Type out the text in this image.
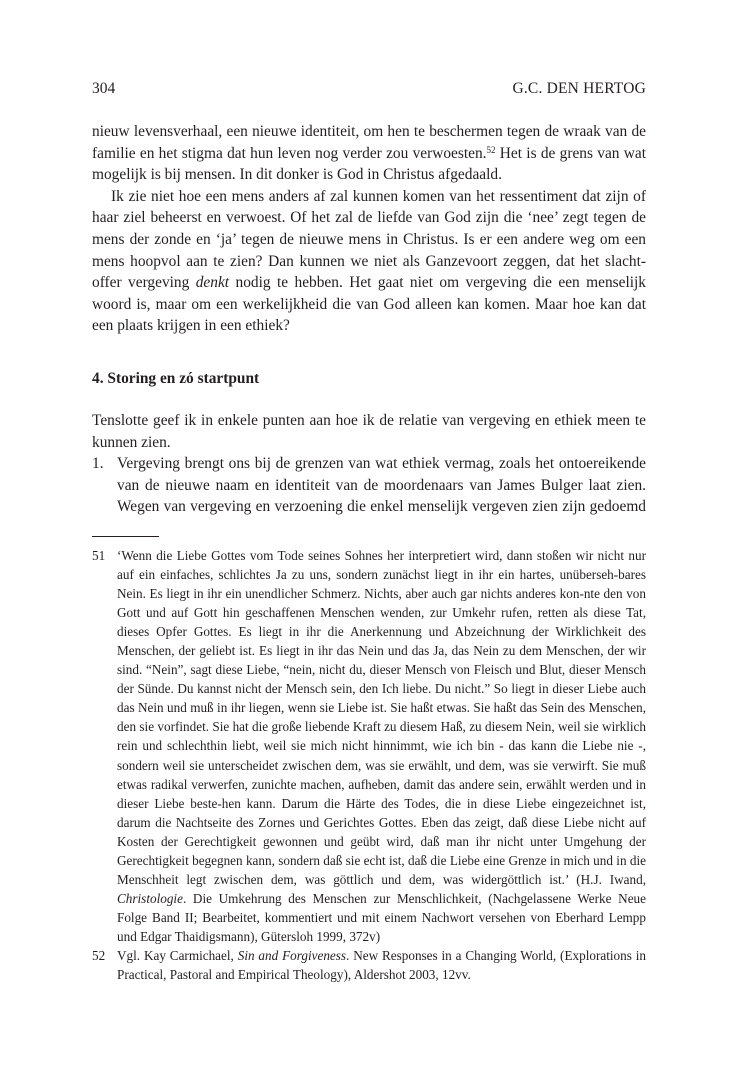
304	G.C. DEN HERTOG

nieuw levensverhaal, een nieuwe identiteit, om hen te beschermen tegen de wraak van de familie en het stigma dat hun leven nog verder zou verwoesten.$^{52}$ Het is de grens van wat mogelijk is bij mensen. In dit donker is God in Christus afgedaald.

Ik zie niet hoe een mens anders af zal kunnen komen van het ressentiment dat zijn of haar ziel beheerst en verwoest. Of het zal de liefde van God zijn die ‘nee’ zegt tegen de mens der zonde en ‘ja’ tegen de nieuwe mens in Christus. Is er een andere weg om een mens hoopvol aan te zien? Dan kunnen we niet als Ganzevoort zeggen, dat het slacht-offer vergeving denkt nodig te hebben. Het gaat niet om vergeving die een menselijk woord is, maar om een werkelijkheid die van God alleen kan komen. Maar hoe kan dat een plaats krijgen in een ethiek?

4. Storing en zó startpunt

Tenslotte geef ik in enkele punten aan hoe ik de relatie van vergeving en ethiek meen te kunnen zien.

1. Vergeving brengt ons bij de grenzen van wat ethiek vermag, zoals het ontoereikende van de nieuwe naam en identiteit van de moordenaars van James Bulger laat zien. Wegen van vergeving en verzoening die enkel menselijk vergeven zien zijn gedoemd

51 ‘Wenn die Liebe Gottes vom Tode seines Sohnes her interpretiert wird, dann stoßen wir nicht nur auf ein einfaches, schlichtes Ja zu uns, sondern zunächst liegt in ihr ein hartes, unüberseh-bares Nein. Es liegt in ihr ein unendlicher Schmerz. Nichts, aber auch gar nichts anderes kon-nte den von Gott und auf Gott hin geschaffenen Menschen wenden, zur Umkehr rufen, retten als diese Tat, dieses Opfer Gottes. Es liegt in ihr die Anerkennung und Abzeichnung der Wirklichkeit des Menschen, der geliebt ist. Es liegt in ihr das Nein und das Ja, das Nein zu dem Menschen, der wir sind. “Nein”, sagt diese Liebe, “nein, nicht du, dieser Mensch von Fleisch und Blut, dieser Mensch der Sünde. Du kannst nicht der Mensch sein, den Ich liebe. Du nicht.” So liegt in dieser Liebe auch das Nein und muß in ihr liegen, wenn sie Liebe ist. Sie haßt etwas. Sie haßt das Sein des Menschen, den sie vorfindet. Sie hat die große liebende Kraft zu diesem Haß, zu diesem Nein, weil sie wirklich rein und schlechthin liebt, weil sie mich nicht hinnimmt, wie ich bin - das kann die Liebe nie -, sondern weil sie unterscheidet zwischen dem, was sie erwählt, und dem, was sie verwirft. Sie muß etwas radikal verwerfen, zunichte machen, aufheben, damit das andere sein, erwählt werden und in dieser Liebe beste-hen kann. Darum die Härte des Todes, die in diese Liebe eingezeichnet ist, darum die Nachtseite des Zornes und Gerichtes Gottes. Eben das zeigt, daß diese Liebe nicht auf Kosten der Gerechtigkeit gewonnen und geübt wird, daß man ihr nicht unter Umgehung der Gerechtigkeit begegnen kann, sondern daß sie echt ist, daß die Liebe eine Grenze in mich und in die Menschheit legt zwischen dem, was göttlich und dem, was widergöttlich ist.’ (H.J. Iwand, Christologie. Die Umkehrung des Menschen zur Menschlichkeit, (Nachgelassene Werke Neue Folge Band II; Bearbeitet, kommentiert und mit einem Nachwort versehen von Eberhard Lempp und Edgar Thaidigsmann), Gütersloh 1999, 372v)

52 Vgl. Kay Carmichael, Sin and Forgiveness. New Responses in a Changing World, (Explorations in Practical, Pastoral and Empirical Theology), Aldershot 2003, 12vv.
